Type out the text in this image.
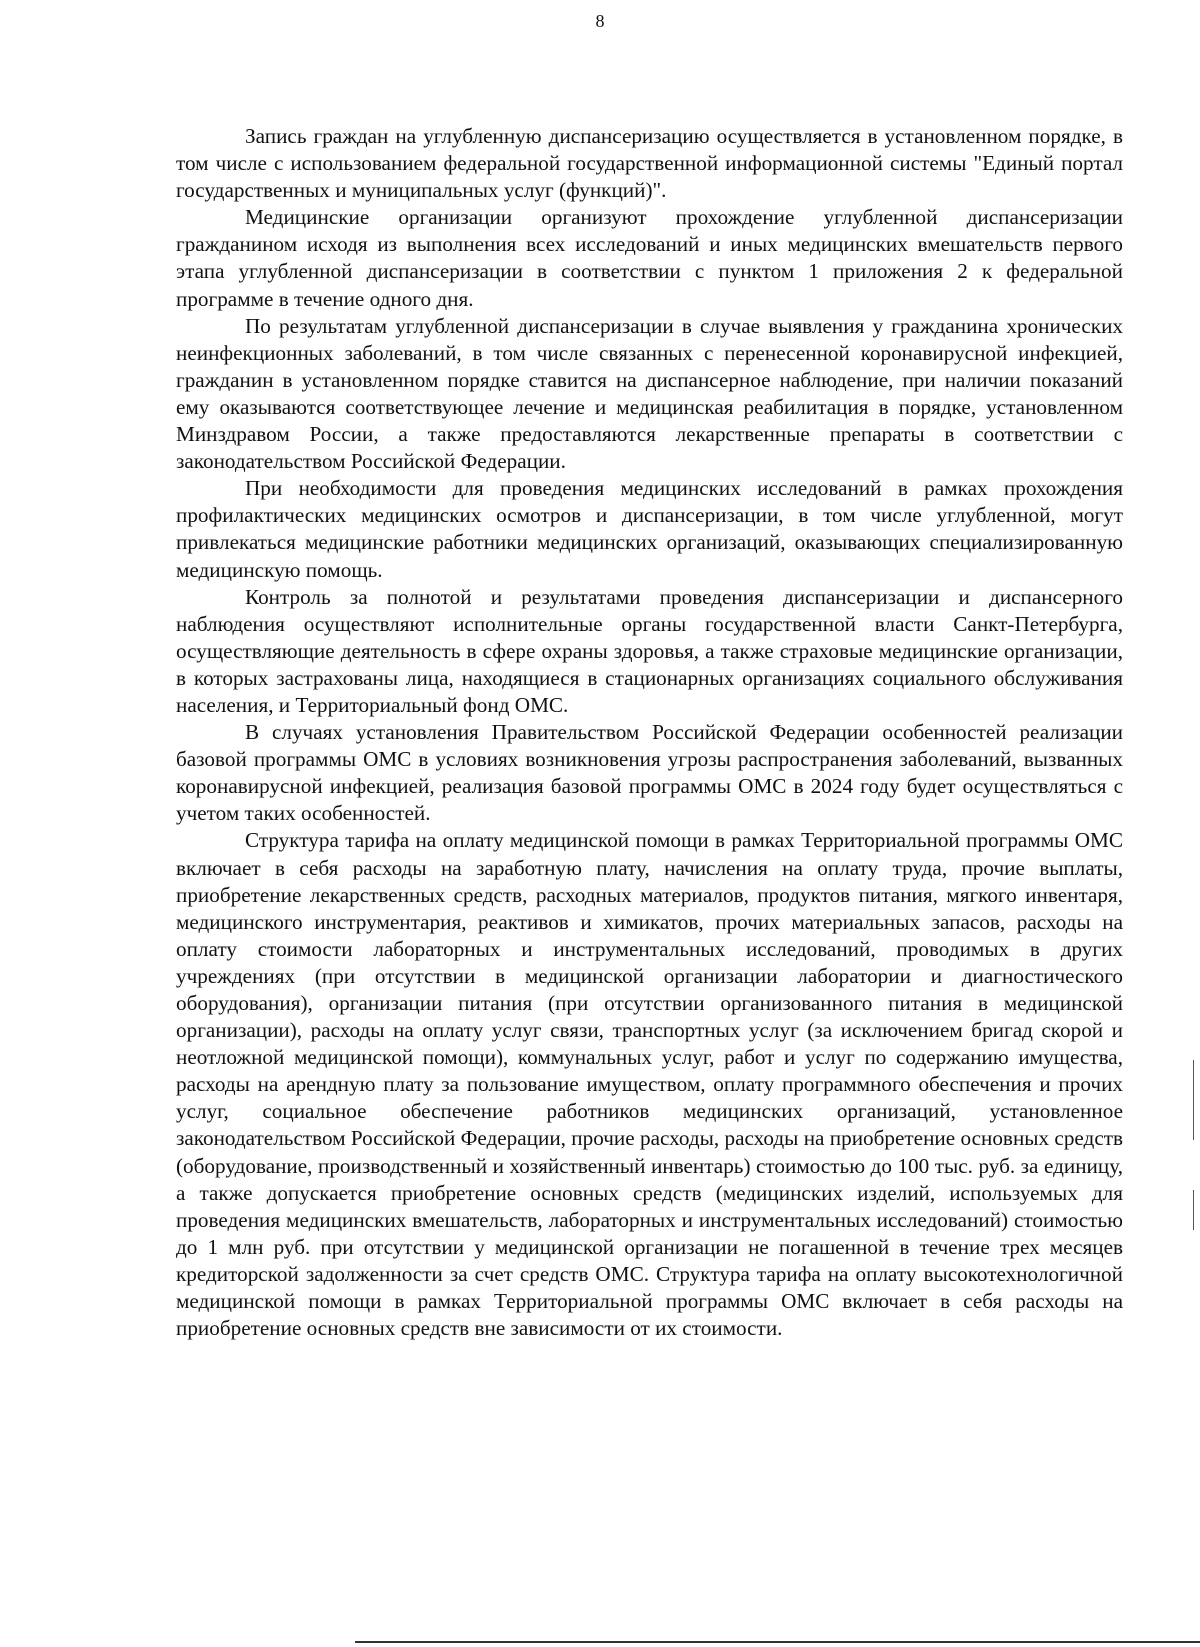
8

Запись граждан на углубленную диспансеризацию осуществляется в установленном порядке, в том числе с использованием федеральной государственной информационной системы "Единый портал государственных и муниципальных услуг (функций)".

Медицинские организации организуют прохождение углубленной диспансеризации гражданином исходя из выполнения всех исследований и иных медицинских вмешательств первого этапа углубленной диспансеризации в соответствии с пунктом 1 приложения 2 к федеральной программе в течение одного дня.

По результатам углубленной диспансеризации в случае выявления у гражданина хронических неинфекционных заболеваний, в том числе связанных с перенесенной коронавирусной инфекцией, гражданин в установленном порядке ставится на диспансерное наблюдение, при наличии показаний ему оказываются соответствующее лечение и медицинская реабилитация в порядке, установленном Минздравом России, а также предоставляются лекарственные препараты в соответствии с законодательством Российской Федерации.

При необходимости для проведения медицинских исследований в рамках прохождения профилактических медицинских осмотров и диспансеризации, в том числе углубленной, могут привлекаться медицинские работники медицинских организаций, оказывающих специализированную медицинскую помощь.

Контроль за полнотой и результатами проведения диспансеризации и диспансерного наблюдения осуществляют исполнительные органы государственной власти Санкт-Петербурга, осуществляющие деятельность в сфере охраны здоровья, а также страховые медицинские организации, в которых застрахованы лица, находящиеся в стационарных организациях социального обслуживания населения, и Территориальный фонд ОМС.

В случаях установления Правительством Российской Федерации особенностей реализации базовой программы ОМС в условиях возникновения угрозы распространения заболеваний, вызванных коронавирусной инфекцией, реализация базовой программы ОМС в 2024 году будет осуществляться с учетом таких особенностей.

Структура тарифа на оплату медицинской помощи в рамках Территориальной программы ОМС включает в себя расходы на заработную плату, начисления на оплату труда, прочие выплаты, приобретение лекарственных средств, расходных материалов, продуктов питания, мягкого инвентаря, медицинского инструментария, реактивов и химикатов, прочих материальных запасов, расходы на оплату стоимости лабораторных и инструментальных исследований, проводимых в других учреждениях (при отсутствии в медицинской организации лаборатории и диагностического оборудования), организации питания (при отсутствии организованного питания в медицинской организации), расходы на оплату услуг связи, транспортных услуг (за исключением бригад скорой и неотложной медицинской помощи), коммунальных услуг, работ и услуг по содержанию имущества, расходы на арендную плату за пользование имуществом, оплату программного обеспечения и прочих услуг, социальное обеспечение работников медицинских организаций, установленное законодательством Российской Федерации, прочие расходы, расходы на приобретение основных средств (оборудование, производственный и хозяйственный инвентарь) стоимостью до 100 тыс. руб. за единицу, а также допускается приобретение основных средств (медицинских изделий, используемых для проведения медицинских вмешательств, лабораторных и инструментальных исследований) стоимостью до 1 млн руб. при отсутствии у медицинской организации не погашенной в течение трех месяцев кредиторской задолженности за счет средств ОМС. Структура тарифа на оплату высокотехнологичной медицинской помощи в рамках Территориальной программы ОМС включает в себя расходы на приобретение основных средств вне зависимости от их стоимости.
